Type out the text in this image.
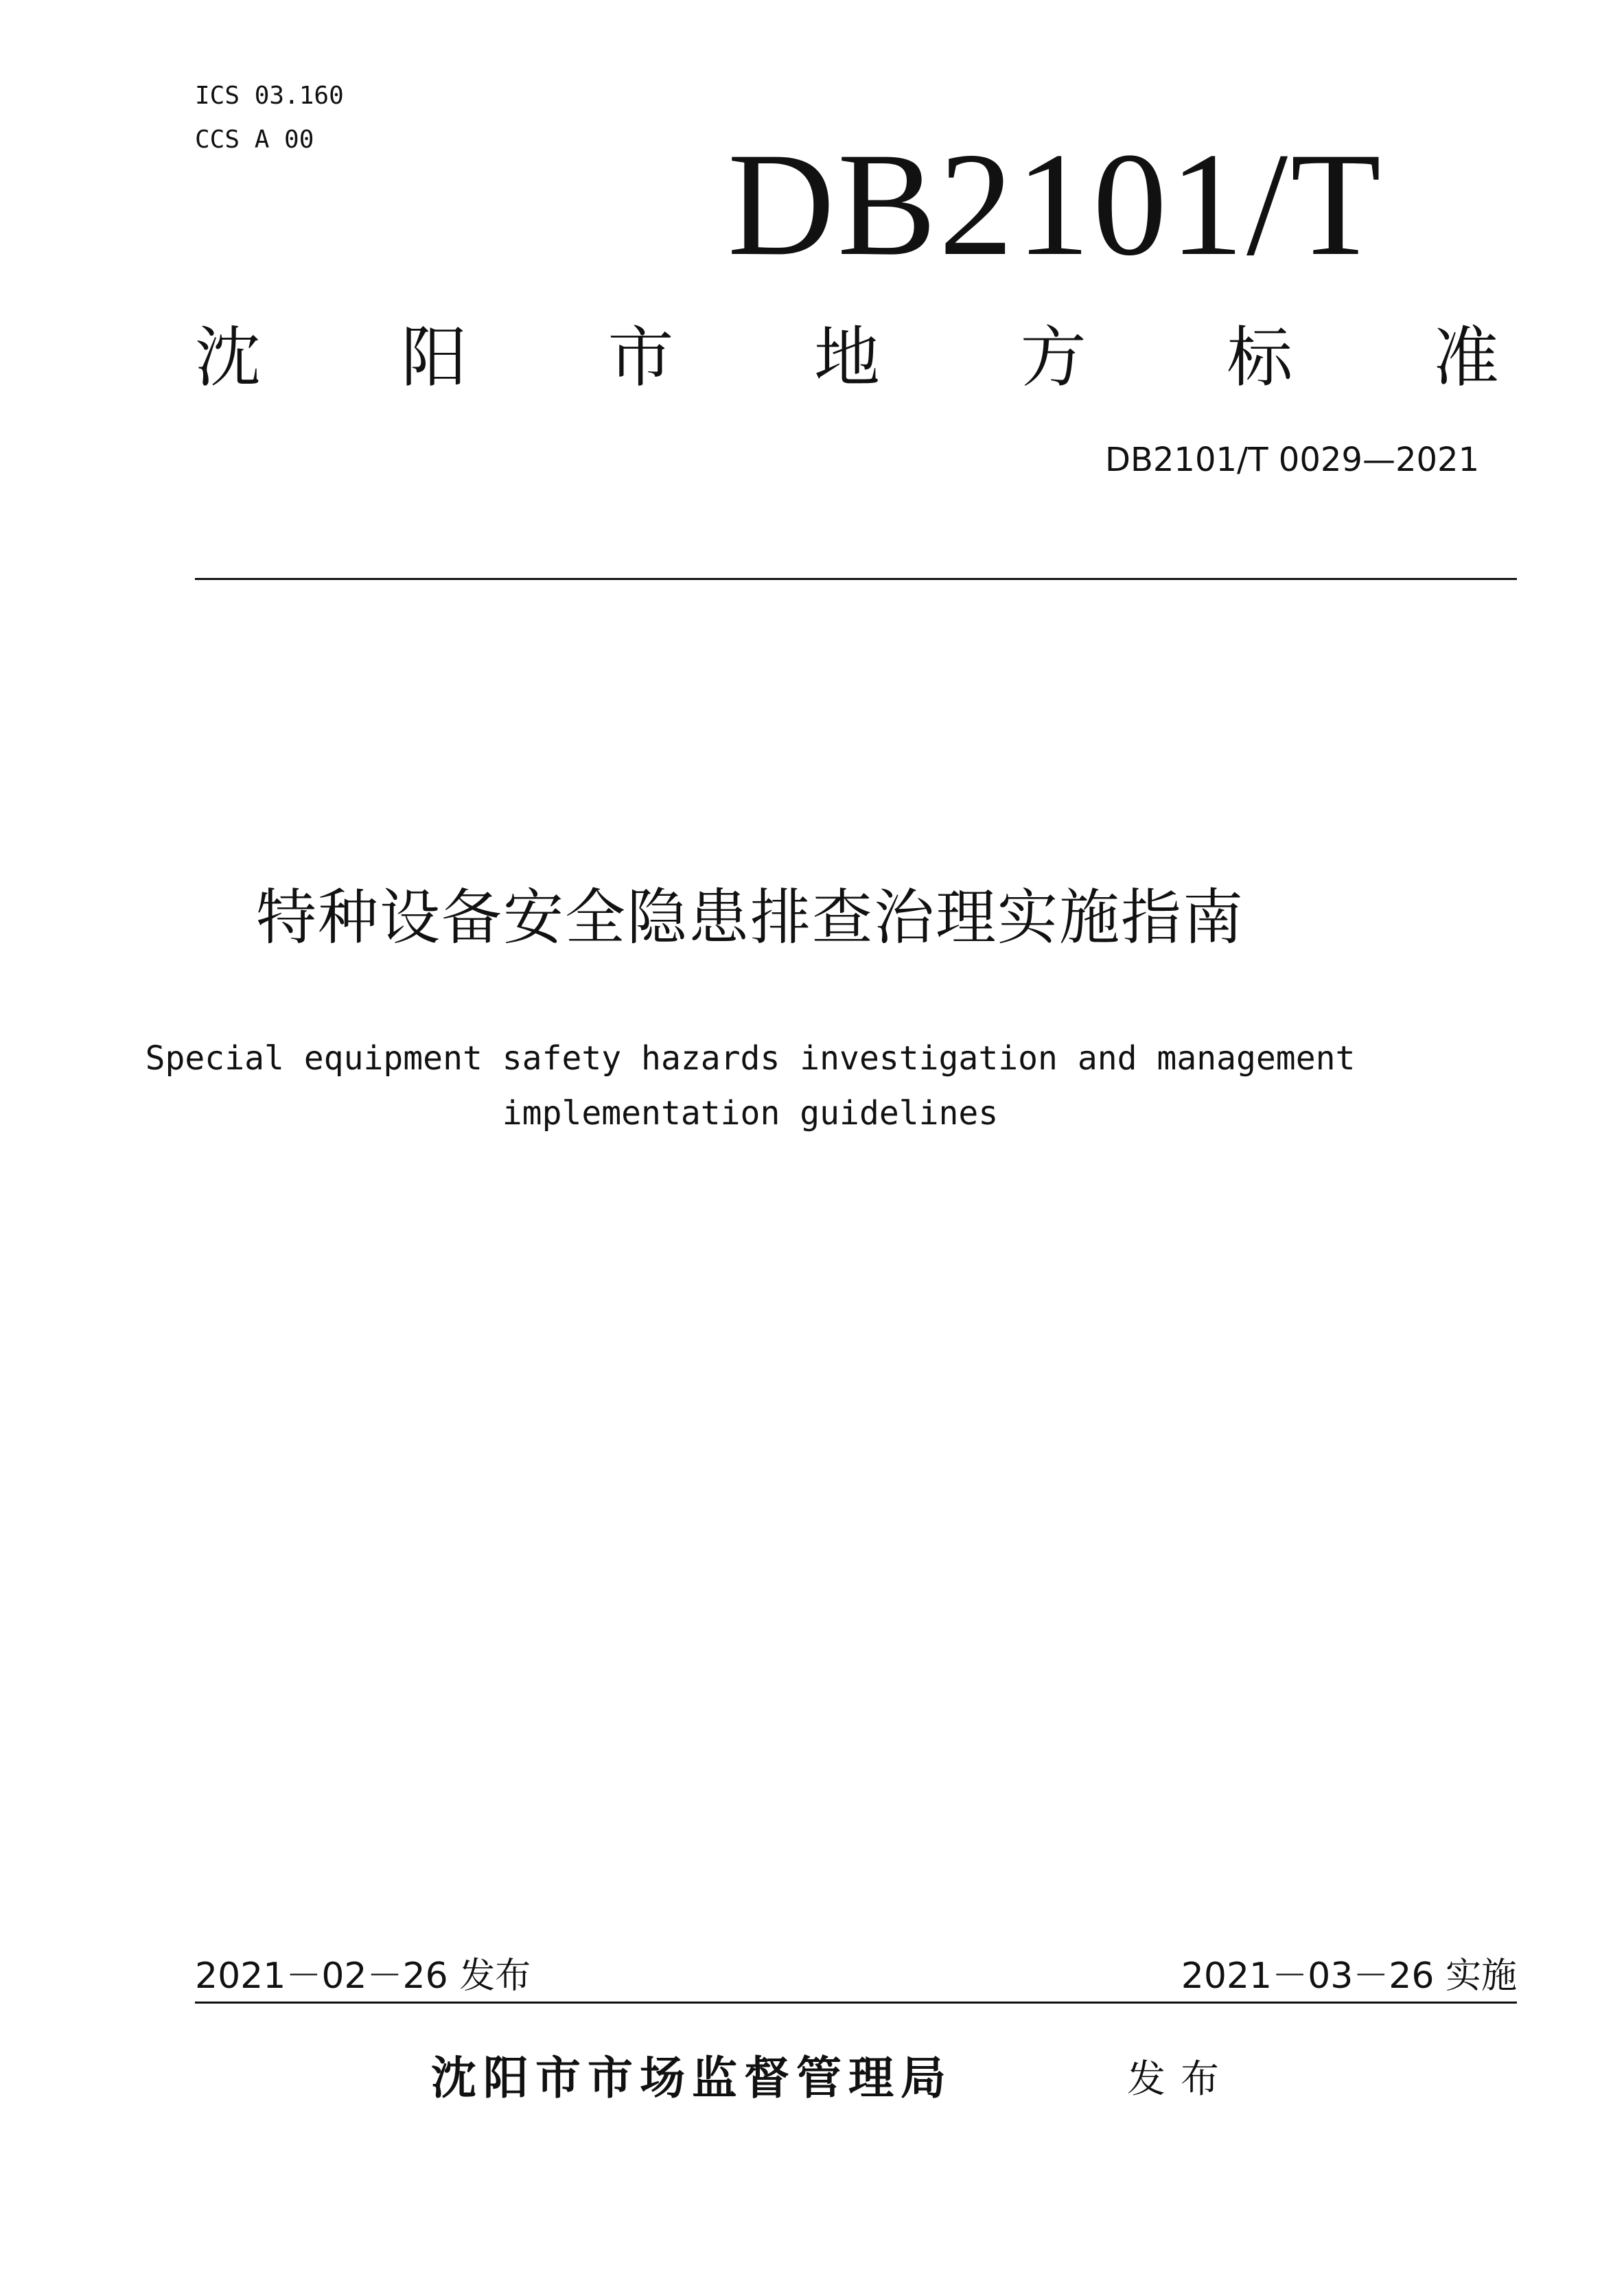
ICS 03.160
CCS A 00	DB2101/T
沈 阳 市 地 方 标 准
DB2101/T 0029—2021
特种设备安全隐患排查治理实施指南
Special equipment safety hazards investigation and management
implementation guidelines
2021－02－26 发布	2021－03－26 实施
沈阳市市场监督管理局	发布
